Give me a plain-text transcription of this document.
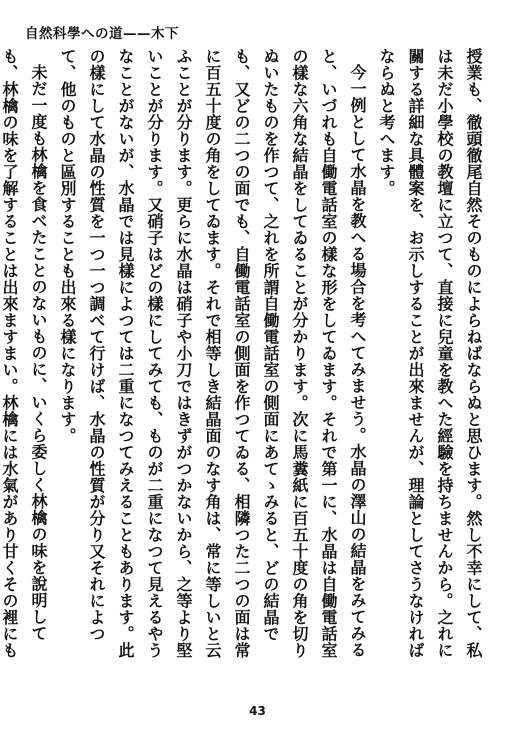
自然科學への道——木下

授業も、徹頭徹尾自然そのものによらねばならぬと思ひます。然し不幸にして、私は未だ小學校の教壇に立つて、直接に兒童を教へた經驗を持ちませんから。之れに關する詳細な具體案を、お示しすることが出來ませんが、理論としてさうなければならぬと考へます。

今一例として水晶を教へる場合を考へてみませう。水晶の澤山の結晶をみてみると、いづれも自働電話室の樣な形をしてゐます。それで第一に、水晶は自働電話室の樣な六角な結晶をしてゐることが分かります。次に馬糞紙に百五十度の角を切りぬいたものを作つて、之れを所謂自働電話室の側面にあてゝみると、どの結晶でも、又どの二つの面でも、自働電話室の側面を作つてゐる、相隣つた二つの面は常に百五十度の角をしてゐます。それで相等しき結晶面のなす角は、常に等しいと云ふことが分ります。更らに水晶は硝子や小刀ではきずがつかないから、之等より堅いことが分ります。又硝子はどの樣にしてみても、ものが二重になつて見えるやうなことがないが、水晶では見樣によつては二重になつてみえることもあります。此の樣にして水晶の性質を一つ一つ調べて行けば、水晶の性質が分り又それによつて、他のものと區別することも出來る樣になります。

未だ一度も林檎を食べたことのないものに、いくら委しく林檎の味を說明しても、林檎の味を了解することは出來ますまい。林檎には水氣があり甘くその裡にも

43
